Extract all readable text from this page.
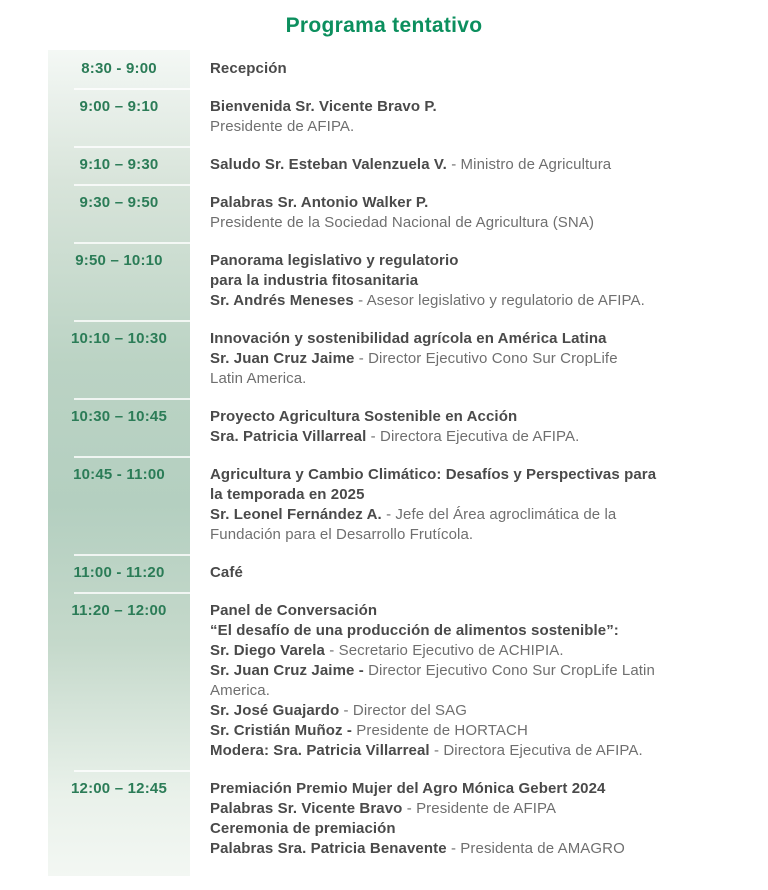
Programa tentativo
8:30 - 9:00	Recepción
9:00 – 9:10	Bienvenida Sr. Vicente Bravo P.
Presidente de AFIPA.
9:10 – 9:30	Saludo Sr. Esteban Valenzuela V. - Ministro de Agricultura
9:30 – 9:50	Palabras Sr. Antonio Walker P.
Presidente de la Sociedad Nacional de Agricultura (SNA)
9:50 – 10:10	Panorama legislativo y regulatorio
para la industria fitosanitaria
Sr. Andrés Meneses - Asesor legislativo y regulatorio de AFIPA.
10:10 – 10:30	Innovación y sostenibilidad agrícola en América Latina
Sr. Juan Cruz Jaime - Director Ejecutivo Cono Sur CropLife
Latin America.
10:30 – 10:45	Proyecto Agricultura Sostenible en Acción
Sra. Patricia Villarreal - Directora Ejecutiva de AFIPA.
10:45 - 11:00	Agricultura y Cambio Climático: Desafíos y Perspectivas para
la temporada en 2025
Sr. Leonel Fernández A. - Jefe del Área agroclimática de la
Fundación para el Desarrollo Frutícola.
11:00 - 11:20	Café
11:20 – 12:00	Panel de Conversación
“El desafío de una producción de alimentos sostenible”:
Sr. Diego Varela - Secretario Ejecutivo de ACHIPIA.
Sr. Juan Cruz Jaime - Director Ejecutivo Cono Sur CropLife Latin
America.
Sr. José Guajardo - Director del SAG
Sr. Cristián Muñoz - Presidente de HORTACH
Modera: Sra. Patricia Villarreal - Directora Ejecutiva de AFIPA.
12:00 – 12:45	Premiación Premio Mujer del Agro Mónica Gebert 2024
Palabras Sr. Vicente Bravo - Presidente de AFIPA
Ceremonia de premiación
Palabras Sra. Patricia Benavente - Presidenta de AMAGRO
